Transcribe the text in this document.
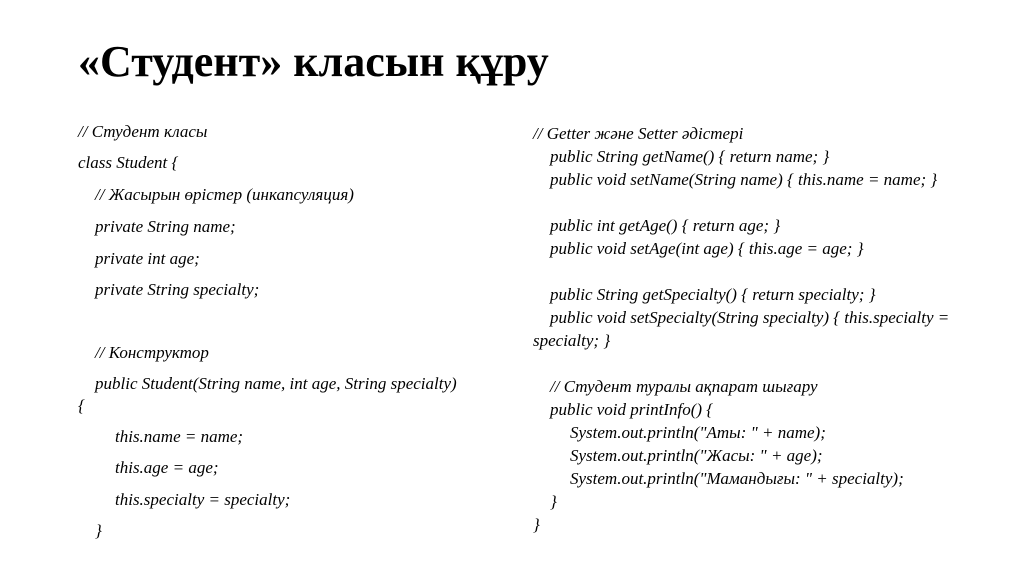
«Студент» класын құру
// Студент класы
class Student {
// Жасырын өрістер (инкапсуляция)
private String name;
private int age;
private String specialty;
// Конструктор
public Student(String name, int age, String specialty)
{
this.name = name;
this.age = age;
this.specialty = specialty;
}
// Getter және Setter әдістері
public String getName() { return name; }
public void setName(String name) { this.name = name; }
public int getAge() { return age; }
public void setAge(int age) { this.age = age; }
public String getSpecialty() { return specialty; }
public void setSpecialty(String specialty) { this.specialty =
specialty; }
// Студент туралы ақпарат шығару
public void printInfo() {
System.out.println("Аты: " + name);
System.out.println("Жасы: " + age);
System.out.println("Мамандығы: " + specialty);
}
}
